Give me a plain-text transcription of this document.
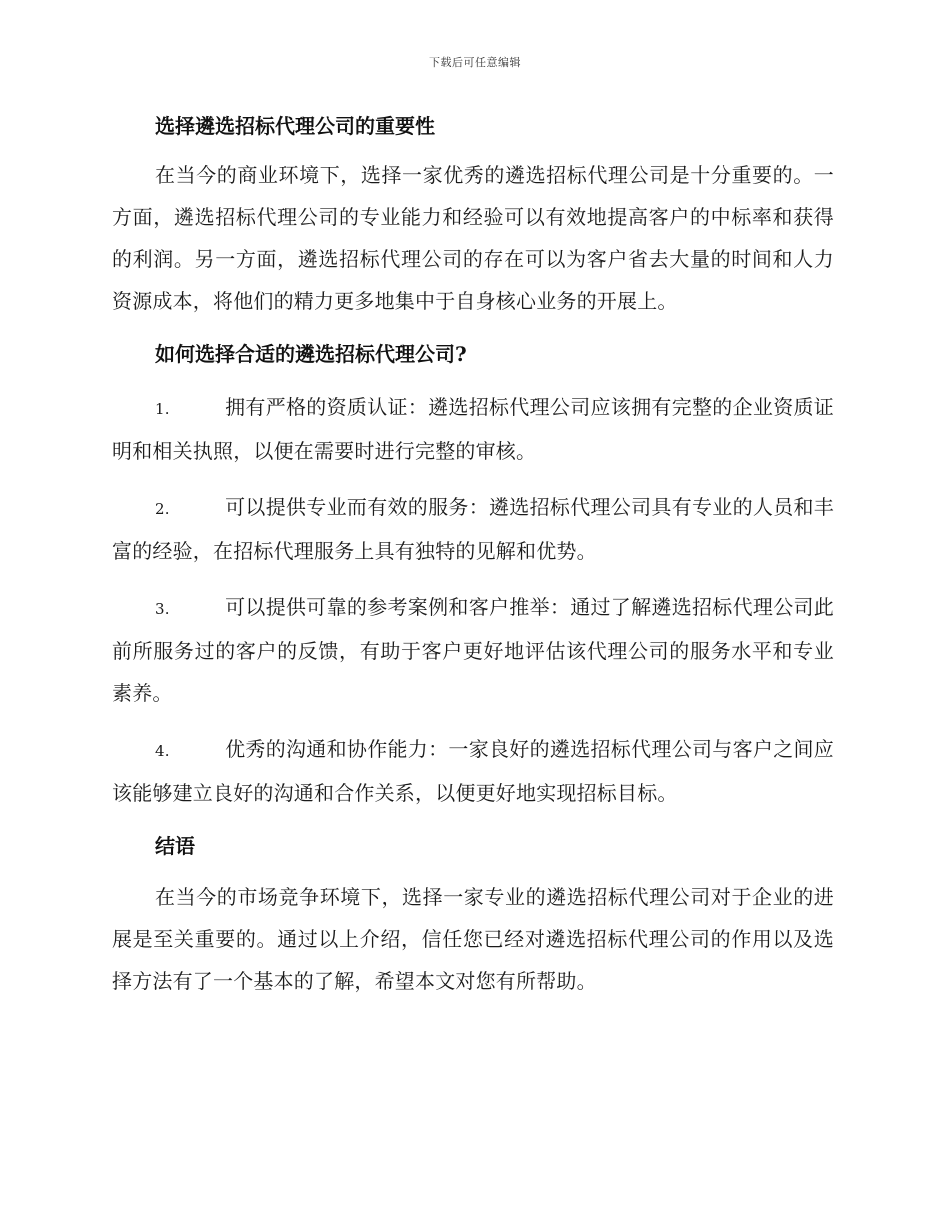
下载后可任意编辑
选择遴选招标代理公司的重要性

在当今的商业环境下，选择一家优秀的遴选招标代理公司是十分重要的。一方面，遴选招标代理公司的专业能力和经验可以有效地提高客户的中标率和获得的利润。另一方面，遴选招标代理公司的存在可以为客户省去大量的时间和人力资源成本，将他们的精力更多地集中于自身核心业务的开展上。

如何选择合适的遴选招标代理公司?

1.	拥有严格的资质认证：遴选招标代理公司应该拥有完整的企业资质证明和相关执照，以便在需要时进行完整的审核。

2.	可以提供专业而有效的服务：遴选招标代理公司具有专业的人员和丰富的经验，在招标代理服务上具有独特的见解和优势。

3.	可以提供可靠的参考案例和客户推举：通过了解遴选招标代理公司此前所服务过的客户的反馈，有助于客户更好地评估该代理公司的服务水平和专业素养。

4.	优秀的沟通和协作能力：一家良好的遴选招标代理公司与客户之间应该能够建立良好的沟通和合作关系，以便更好地实现招标目标。

结语

在当今的市场竞争环境下，选择一家专业的遴选招标代理公司对于企业的进展是至关重要的。通过以上介绍，信任您已经对遴选招标代理公司的作用以及选择方法有了一个基本的了解，希望本文对您有所帮助。
